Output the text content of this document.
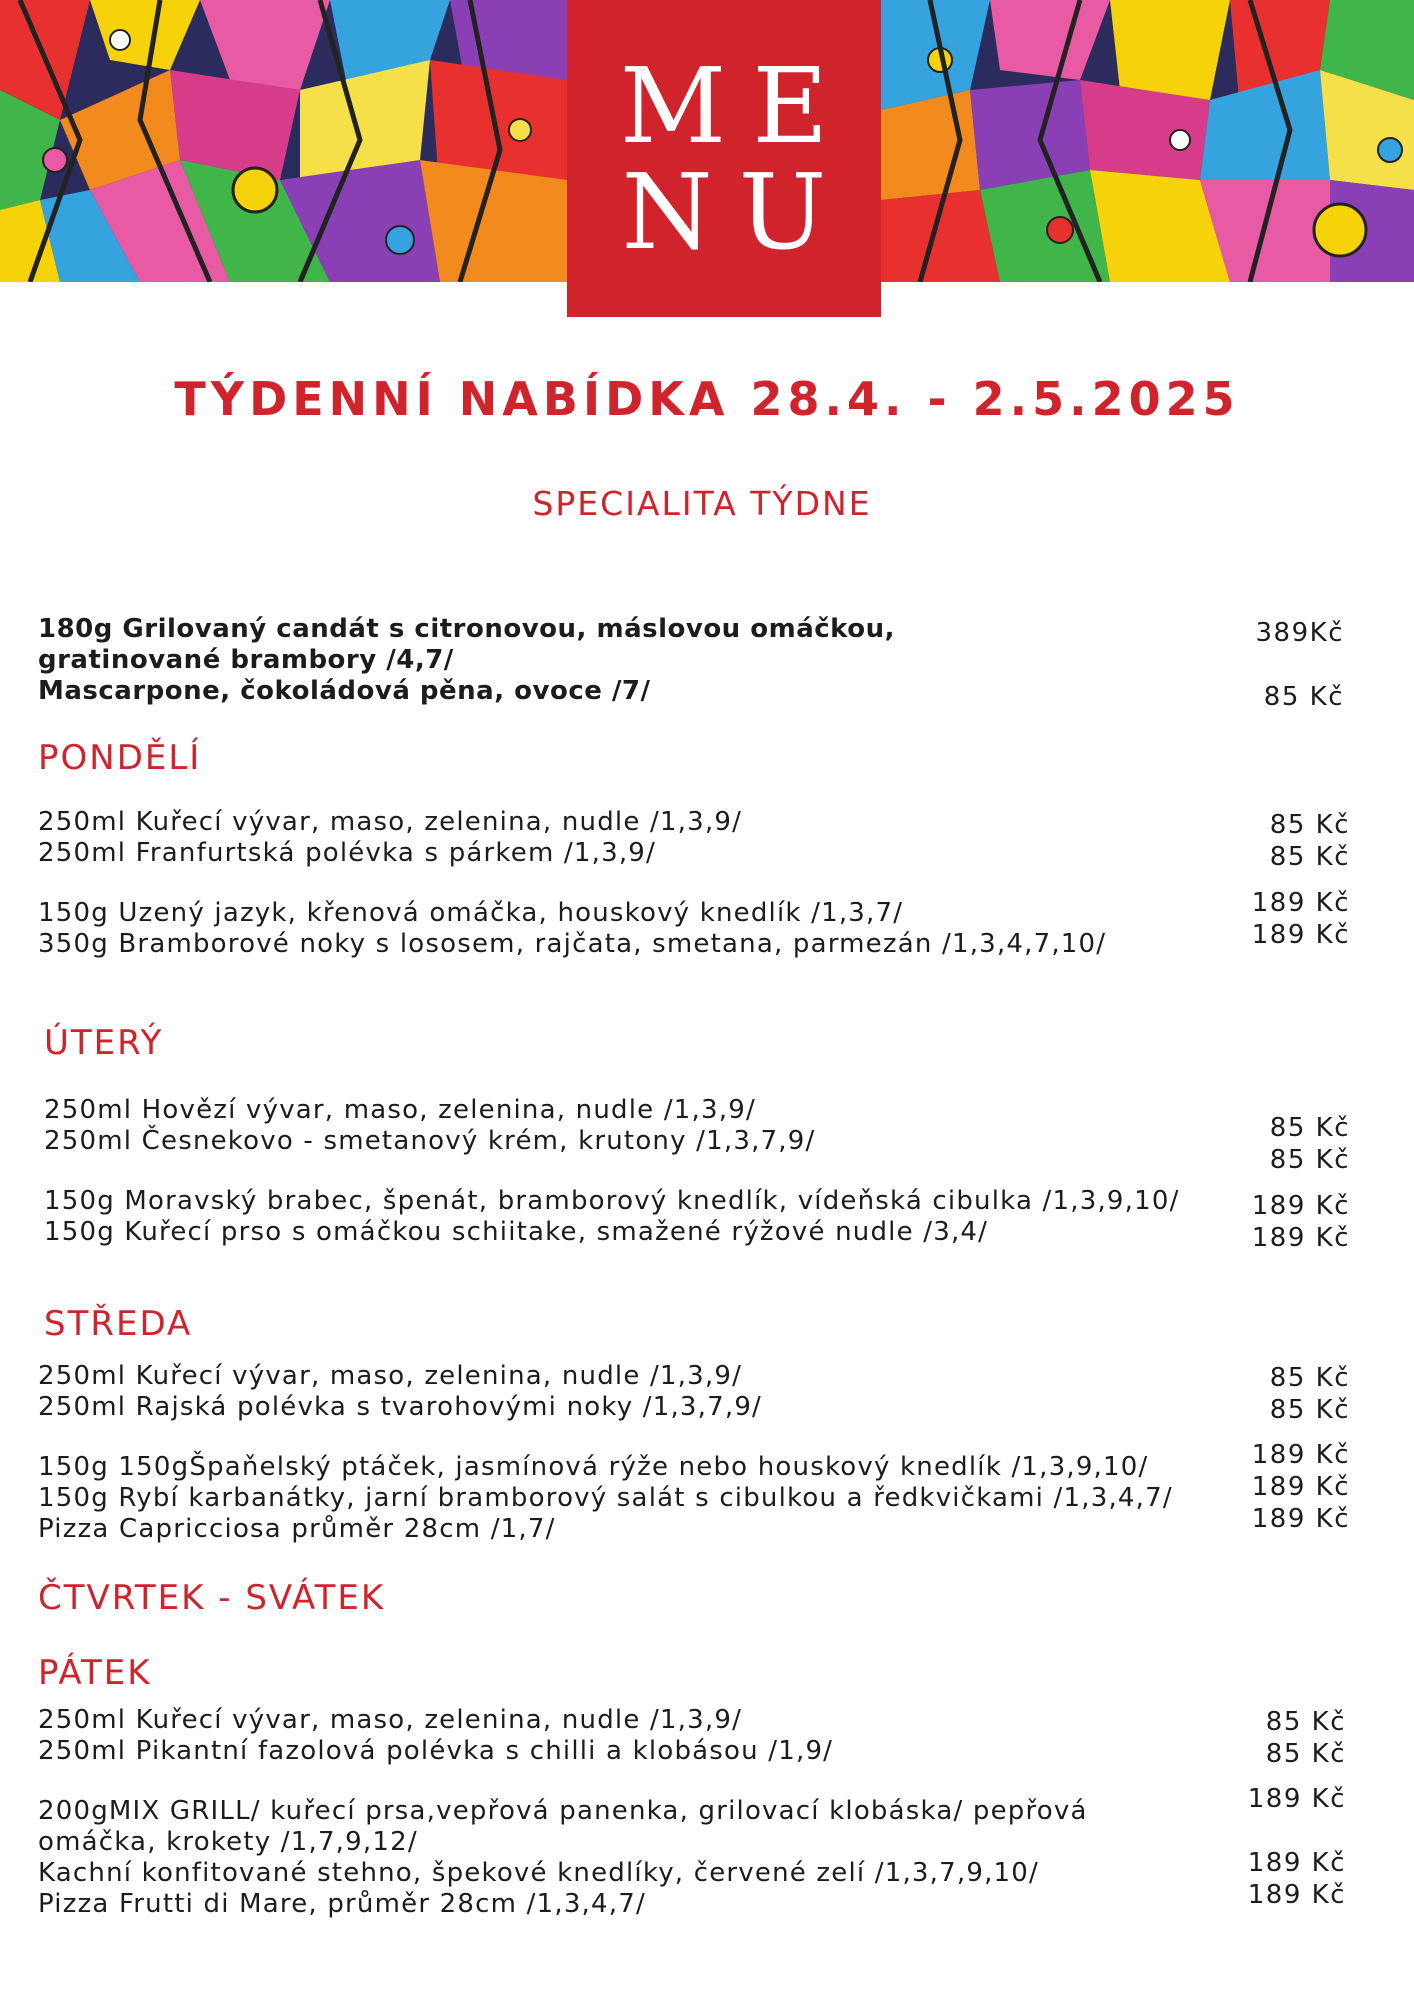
ME
NU
TÝDENNÍ NABÍDKA 28.4. - 2.5.2025
SPECIALITA TÝDNE
180g Grilovaný candát s citronovou, máslovou omáčkou,
gratinované brambory /4,7/
Mascarpone, čokoládová pěna, ovoce /7/
389Kč
85 Kč
PONDĚLÍ
250ml Kuřecí vývar, maso, zelenina, nudle /1,3,9/
250ml Franfurtská polévka s párkem /1,3,9/
150g Uzený jazyk, křenová omáčka, houskový knedlík /1,3,7/
350g Bramborové noky s lososem, rajčata, smetana, parmezán /1,3,4,7,10/
85 Kč
85 Kč
189 Kč
189 Kč
ÚTERÝ
250ml Hovězí vývar, maso, zelenina, nudle /1,3,9/
250ml Česnekovo - smetanový krém, krutony /1,3,7,9/
150g Moravský brabec, špenát, bramborový knedlík, vídeňská cibulka /1,3,9,10/
150g Kuřecí prso s omáčkou schiitake, smažené rýžové nudle /3,4/
85 Kč
85 Kč
189 Kč
189 Kč
STŘEDA
250ml Kuřecí vývar, maso, zelenina, nudle /1,3,9/
250ml Rajská polévka s tvarohovými noky /1,3,7,9/
150g 150gŠpaňelský ptáček, jasmínová rýže nebo houskový knedlík /1,3,9,10/
150g Rybí karbanátky, jarní bramborový salát s cibulkou a ředkvičkami /1,3,4,7/
Pizza Capricciosa průměr 28cm /1,7/
85 Kč
85 Kč
189 Kč
189 Kč
189 Kč
ČTVRTEK - SVÁTEK
PÁTEK
250ml Kuřecí vývar, maso, zelenina, nudle /1,3,9/
250ml Pikantní fazolová polévka s chilli a klobásou /1,9/
200gMIX GRILL/ kuřecí prsa,vepřová panenka, grilovací klobáska/ pepřová
omáčka, krokety /1,7,9,12/
Kachní konfitované stehno, špekové knedlíky, červené zelí /1,3,7,9,10/
Pizza Frutti di Mare, průměr 28cm /1,3,4,7/
85 Kč
85 Kč
189 Kč
189 Kč
189 Kč
